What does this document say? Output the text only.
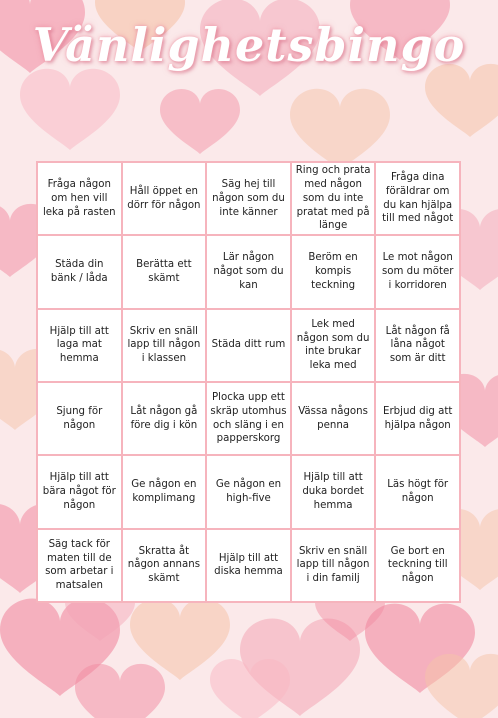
Vänlighetsbingo
Fråga någon om hen vill leka på rasten
Håll öppet en dörr för någon
Säg hej till någon som du inte känner
Ring och prata med någon som du inte pratat med på länge
Fråga dina föräldrar om du kan hjälpa till med något
Städa din bänk / låda
Berätta ett skämt
Lär någon något som du kan
Beröm en kompis teckning
Le mot någon som du möter i korridoren
Hjälp till att laga mat hemma
Skriv en snäll lapp till någon i klassen
Städa ditt rum
Lek med någon som du inte brukar leka med
Låt någon få låna något som är ditt
Sjung för någon
Låt någon gå före dig i kön
Plocka upp ett skräp utomhus och släng i en papperskorg
Vässa någons penna
Erbjud dig att hjälpa någon
Hjälp till att bära något för någon
Ge någon en komplimang
Ge någon en high-five
Hjälp till att duka bordet hemma
Läs högt för någon
Säg tack för maten till de som arbetar i matsalen
Skratta åt någon annans skämt
Hjälp till att diska hemma
Skriv en snäll lapp till någon i din familj
Ge bort en teckning till någon
